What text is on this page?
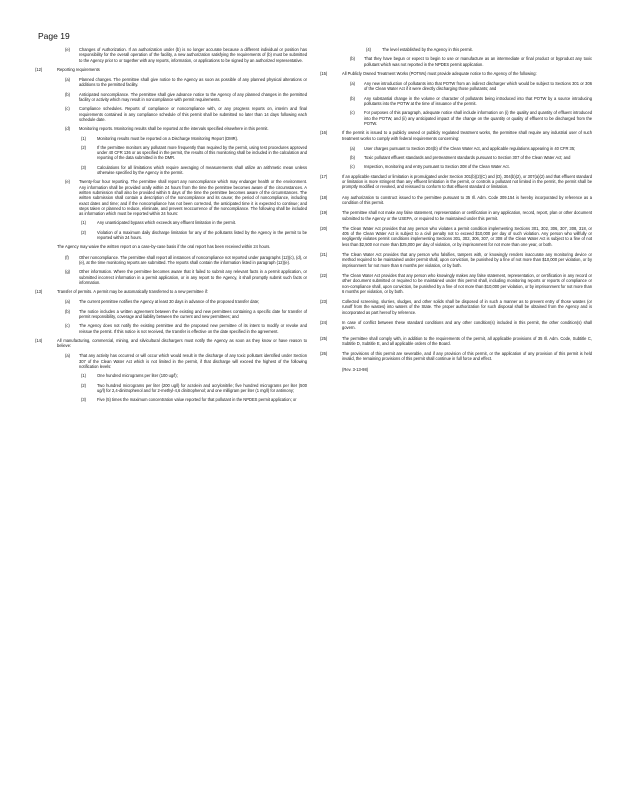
Page 19
(e) Changes of Authorization. If an authorization under (b) is no longer accurate because a different individual or position has responsibility for the overall operation of the facility, a new authorization satisfying the requirements of (b) must be submitted to the Agency prior to or together with any reports, information, or applications to be signed by an authorized representative.
(12)	Reporting requirements
(a) Planned changes. The permittee shall give notice to the Agency as soon as possible of any planned physical alterations or additions to the permitted facility.
(b) Anticipated noncompliance. The permittee shall give advance notice to the Agency of any planned changes in the permitted facility or activity which may result in noncompliance with permit requirements.
(c) Compliance schedules. Reports of compliance or noncompliance with, or any progress reports on, interim and final requirements contained in any compliance schedule of this permit shall be submitted no later than 14 days following each schedule date.
(d) Monitoring reports. Monitoring results shall be reported at the intervals specified elsewhere in this permit.
(1)	Monitoring results must be reported on a Discharge Monitoring Report (DMR).
(2)	If the permittee monitors any pollutant more frequently than required by the permit, using test procedures approved under 40 CFR 136 or as specified in the permit, the results of this monitoring shall be included in the calculation and reporting of the data submitted in the DMR.
(3)	Calculations for all limitations which require averaging of measurements shall utilize an arithmetic mean unless otherwise specified by the Agency in the permit.
(e) Twenty-four hour reporting. The permittee shall report any noncompliance which may endanger health or the environment. Any information shall be provided orally within 24 hours from the time the permittee becomes aware of the circumstances. A written submission shall also be provided within 5 days of the time the permittee becomes aware of the circumstances. The written submission shall contain a description of the noncompliance and its cause; the period of noncompliance, including exact dates and time; and if the noncompliance has not been corrected, the anticipated time it is expected to continue; and steps taken or planned to reduce, eliminate, and prevent reoccurrence of the noncompliance. The following shall be included as information which must be reported within 24 hours:
(1)	Any unanticipated bypass which exceeds any effluent limitation in the permit.
(2)	Violation of a maximum daily discharge limitation for any of the pollutants listed by the Agency in the permit to be reported within 24 hours.
The Agency may waive the written report on a case-by-case basis if the oral report has been received within 24 hours.
(f) Other noncompliance. The permittee shall report all instances of noncompliance not reported under paragraphs (12)(c), (d), or (e), at the time monitoring reports are submitted. The reports shall contain the information listed in paragraph (12)(e).
(g) Other information. Where the permittee becomes aware that it failed to submit any relevant facts in a permit application, or submitted incorrect information in a permit application, or in any report to the Agency, it shall promptly submit such facts or information.
(13)	Transfer of permits. A permit may be automatically transferred to a new permittee if:
(a) The current permittee notifies the Agency at least 30 days in advance of the proposed transfer date;
(b) The notice includes a written agreement between the existing and new permittees containing a specific date for transfer of permit responsibility, coverage and liability between the current and new permittees; and
(c) The Agency does not notify the existing permittee and the proposed new permittee of its intent to modify or revoke and reissue the permit. If this notice is not received, the transfer is effective on the date specified in the agreement.
(14)	All manufacturing, commercial, mining, and silvicultural dischargers must notify the Agency as soon as they know or have reason to believe:
(a) That any activity has occurred or will occur which would result in the discharge of any toxic pollutant identified under Section 307 of the Clean Water Act which is not limited in the permit, if that discharge will exceed the highest of the following notification levels:
(1)	One hundred micrograms per liter (100 ug/l);
(2)	Two hundred micrograms per liter (200 ug/l) for acrolein and acrylonitrile; five hundred micrograms per liter (500 ug/l) for 2,4-dinitrophenol and for 2-methyl-4,6 dinitrophenol; and one milligram per liter (1 mg/l) for antimony;
(3)	Five (5) times the maximum concentration value reported for that pollutant in the NPDES permit application; or
(4)	The level established by the Agency in this permit.
(b) That they have begun or expect to begin to use or manufacture as an intermediate or final product or byproduct any toxic pollutant which was not reported in the NPDES permit application.
(15)	All Publicly Owned Treatment Works (POTWs) must provide adequate notice to the Agency of the following:
(a) Any new introduction of pollutants into that POTW from an indirect discharger which would be subject to Sections 301 or 306 of the Clean Water Act if it were directly discharging those pollutants; and
(b) Any substantial change in the volume or character of pollutants being introduced into that POTW by a source introducing pollutants into the POTW at the time of issuance of the permit.
(c) For purposes of this paragraph, adequate notice shall include information on (i) the quality and quantity of effluent introduced into the POTW, and (ii) any anticipated impact of the change on the quantity or quality of effluent to be discharged from the POTW.
(16)	If the permit is issued to a publicly owned or publicly regulated treatment works, the permittee shall require any industrial user of such treatment works to comply with federal requirements concerning:
(a) User charges pursuant to Section 204(b) of the Clean Water Act, and applicable regulations appearing in 40 CFR 35;
(b) Toxic pollutant effluent standards and pretreatment standards pursuant to Section 307 of the Clean Water Act; and
(c) Inspection, monitoring and entry pursuant to Section 308 of the Clean Water Act.
(17)	If an applicable standard or limitation is promulgated under Section 301(b)(2)(C) and (D), 304(b)(2), or 307(a)(2) and that effluent standard or limitation is more stringent than any effluent limitation in the permit, or controls a pollutant not limited in the permit, the permit shall be promptly modified or revoked, and reissued to conform to that effluent standard or limitation.
(18)	Any authorization to construct issued to the permittee pursuant to 35 Ill. Adm. Code 309.154 is hereby incorporated by reference as a condition of this permit.
(19)	The permittee shall not make any false statement, representation or certification in any application, record, report, plan or other document submitted to the Agency or the USEPA, or required to be maintained under this permit.
(20)	The Clean Water Act provides that any person who violates a permit condition implementing Sections 301, 302, 306, 307, 308, 318, or 405 of the Clean Water Act is subject to a civil penalty not to exceed $10,000 per day of such violation. Any person who willfully or negligently violates permit conditions implementing Sections 301, 302, 306, 307, or 308 of the Clean Water Act is subject to a fine of not less than $2,500 nor more than $25,000 per day of violation, or by imprisonment for not more than one year, or both.
(21)	The Clean Water Act provides that any person who falsifies, tampers with, or knowingly renders inaccurate any monitoring device or method required to be maintained under permit shall, upon conviction, be punished by a fine of not more than $10,000 per violation, or by imprisonment for not more than 6 months per violation, or by both.
(22)	The Clean Water Act provides that any person who knowingly makes any false statement, representation, or certification in any record or other document submitted or required to be maintained under this permit shall, including monitoring reports or reports of compliance or non-compliance shall, upon conviction, be punished by a fine of not more than $10,000 per violation, or by imprisonment for not more than 6 months per violation, or by both.
(23)	Collected screening, slurries, sludges, and other solids shall be disposed of in such a manner as to prevent entry of those wastes (or runoff from the wastes) into waters of the State. The proper authorization for such disposal shall be obtained from the Agency and is incorporated as part hereof by reference.
(24)	In case of conflict between these standard conditions and any other condition(s) included in this permit, the other condition(s) shall govern.
(25)	The permittee shall comply with, in addition to the requirements of the permit, all applicable provisions of 35 Ill. Adm. Code, Subtitle C, Subtitle D, Subtitle E, and all applicable orders of the Board.
(26)	The provisions of this permit are severable, and if any provision of this permit, or the application of any provision of this permit is held invalid, the remaining provisions of this permit shall continue in full force and effect.
(Rev. 3-13-98)
